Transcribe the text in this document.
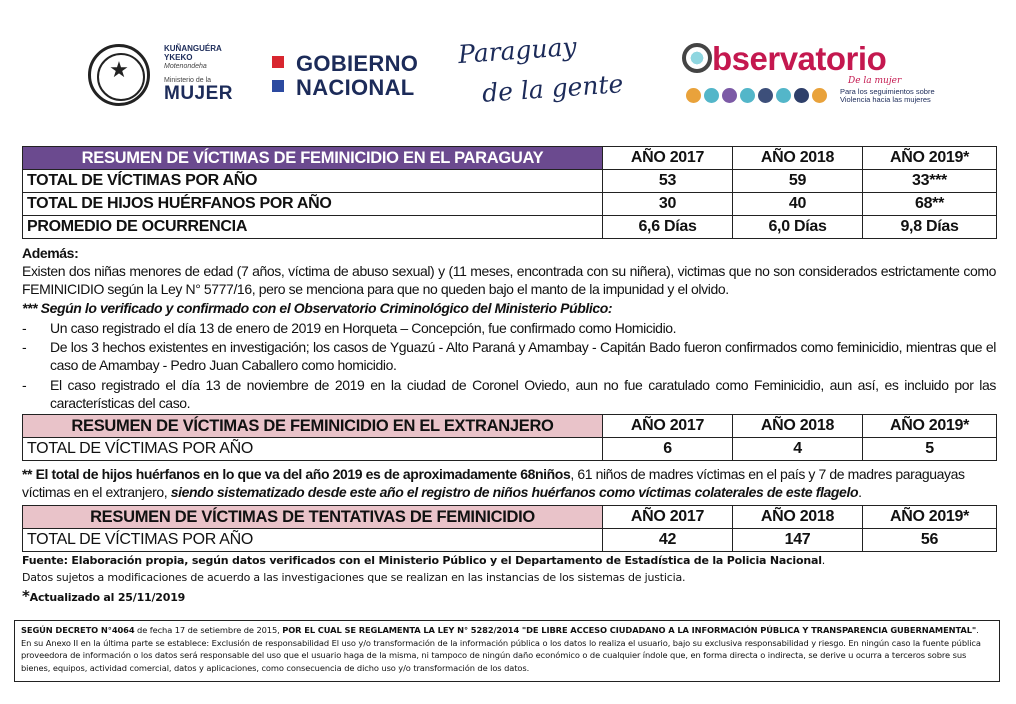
★
KUÑANGUÉRA
YKEKO
Motenondeha
Ministerio de la
MUJER
GOBIERNO
NACIONAL
Paraguay
de la gente
bservatorio
De la mujer
Para los seguimientos sobre Violencia hacia las mujeres
RESUMEN DE VÍCTIMAS DE FEMINICIDIO EN EL PARAGUAY	AÑO 2017	AÑO 2018	AÑO 2019*
TOTAL DE VÍCTIMAS POR AÑO	53	59	33***
TOTAL DE HIJOS HUÉRFANOS POR AÑO	30	40	68**
PROMEDIO DE OCURRENCIA	6,6 Días	6,0 Días	9,8 Días
Además:
Existen dos niñas menores de edad (7 años, víctima de abuso sexual) y (11 meses, encontrada con su niñera), victimas que no son considerados estrictamente como FEMINICIDIO según la Ley N° 5777/16, pero se menciona para que no queden bajo el manto de la impunidad y el olvido.
*** Según lo verificado y confirmado con el Observatorio Criminológico del Ministerio Público:
- Un caso registrado el día 13 de enero de 2019 en Horqueta – Concepción, fue confirmado como Homicidio.
- De los 3 hechos existentes en investigación; los casos de Yguazú - Alto Paraná y Amambay - Capitán Bado fueron confirmados como feminicidio, mientras que el caso de Amambay - Pedro Juan Caballero como homicidio.
- El caso registrado el día 13 de noviembre de 2019 en la ciudad de Coronel Oviedo, aun no fue caratulado como Feminicidio, aun así, es incluido por las características del caso.
RESUMEN DE VÍCTIMAS DE FEMINICIDIO EN EL EXTRANJERO	AÑO 2017	AÑO 2018	AÑO 2019*
TOTAL DE VÍCTIMAS POR AÑO	6	4	5
** El total de hijos huérfanos en lo que va del año 2019 es de aproximadamente 68niños, 61 niños de madres víctimas en el país y 7 de madres paraguayas víctimas en el extranjero, siendo sistematizado desde este año el registro de niños huérfanos como víctimas colaterales de este flagelo.
RESUMEN DE VÍCTIMAS DE TENTATIVAS DE FEMINICIDIO	AÑO 2017	AÑO 2018	AÑO 2019*
TOTAL DE VÍCTIMAS POR AÑO	42	147	56
Fuente: Elaboración propia, según datos verificados con el Ministerio Público y el Departamento de Estadística de la Policia Nacional.
Datos sujetos a modificaciones de acuerdo a las investigaciones que se realizan en las instancias de los sistemas de justicia.
*Actualizado al 25/11/2019
SEGÚN DECRETO N°4064 de fecha 17 de setiembre de 2015, POR EL CUAL SE REGLAMENTA LA LEY N° 5282/2014 "DE LIBRE ACCESO CIUDADANO A LA INFORMACIÓN PÚBLICA Y TRANSPARENCIA GUBERNAMENTAL".
En su Anexo II en la última parte se establece: Exclusión de responsabilidad El uso y/o transformación de la información pública o los datos lo realiza el usuario, bajo su exclusiva responsabilidad y riesgo. En ningún caso la fuente pública proveedora de información o los datos será responsable del uso que el usuario haga de la misma, ni tampoco de ningún daño económico o de cualquier índole que, en forma directa o indirecta, se derive u ocurra a terceros sobre sus bienes, equipos, actividad comercial, datos y aplicaciones, como consecuencia de dicho uso y/o transformación de los datos.
